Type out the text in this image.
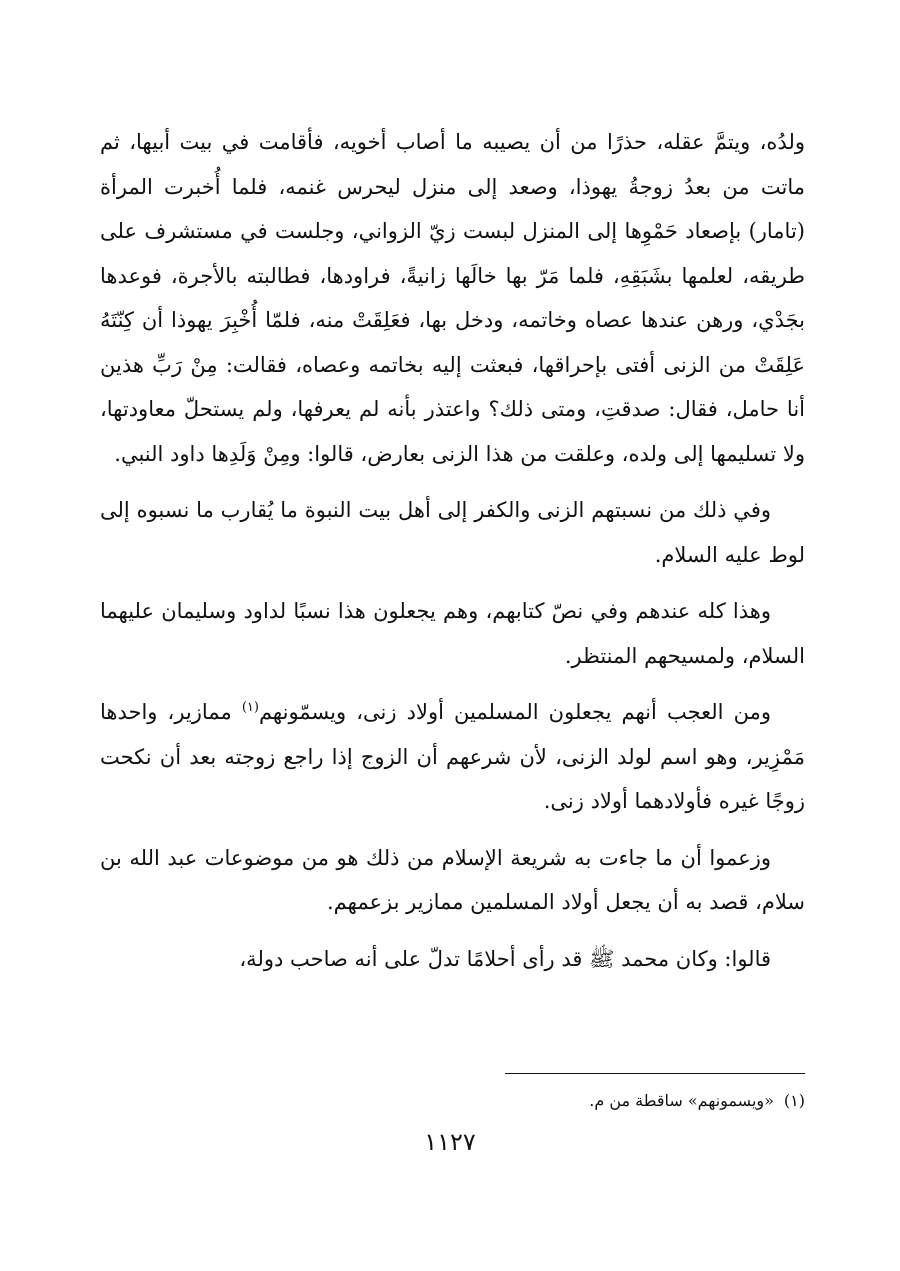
ولدُه، ويتمَّ عقله، حذرًا من أن يصيبه ما أصاب أخويه، فأقامت في بيت أبيها، ثم ماتت من بعدُ زوجةُ يهوذا، وصعد إلى منزل ليحرس غنمه، فلما أُخبرت المرأة (تامار) بإصعاد حَمْوِها إلى المنزل لبست زيّ الزواني، وجلست في مستشرف على طريقه، لعلمها بشَبَقِهِ، فلما مَرّ بها خالَها زانيةً، فراودها، فطالبته بالأجرة، فوعدها بجَدْي، ورهن عندها عصاه وخاتمه، ودخل بها، فعَلِقَتْ منه، فلمّا أُخْبِرَ يهوذا أن كِنّتَهُ عَلِقَتْ من الزنى أفتى بإحراقها، فبعثت إليه بخاتمه وعصاه، فقالت: مِنْ رَبِّ هذين أنا حامل، فقال: صدقتِ، ومتى ذلك؟ واعتذر بأنه لم يعرفها، ولم يستحلّ معاودتها، ولا تسليمها إلى ولده، وعلقت من هذا الزنى بعارض، قالوا: ومِنْ وَلَدِها داود النبي.

وفي ذلك من نسبتهم الزنى والكفر إلى أهل بيت النبوة ما يُقارب ما نسبوه إلى لوط عليه السلام.

وهذا كله عندهم وفي نصّ كتابهم، وهم يجعلون هذا نسبًا لداود وسليمان عليهما السلام، ولمسيحهم المنتظر.

ومن العجب أنهم يجعلون المسلمين أولاد زنى، ويسمّونهم$^{(١)}$ ممازير، واحدها مَمْزِير، وهو اسم لولد الزنى، لأن شرعهم أن الزوج إذا راجع زوجته بعد أن نكحت زوجًا غيره فأولادهما أولاد زنى.

وزعموا أن ما جاءت به شريعة الإسلام من ذلك هو من موضوعات عبد الله بن سلام، قصد به أن يجعل أولاد المسلمين ممازير بزعمهم.

قالوا: وكان محمد ﷺ قد رأى أحلامًا تدلّ على أنه صاحب دولة،

(١)«ويسمونهم» ساقطة من م.
١١٢٧
